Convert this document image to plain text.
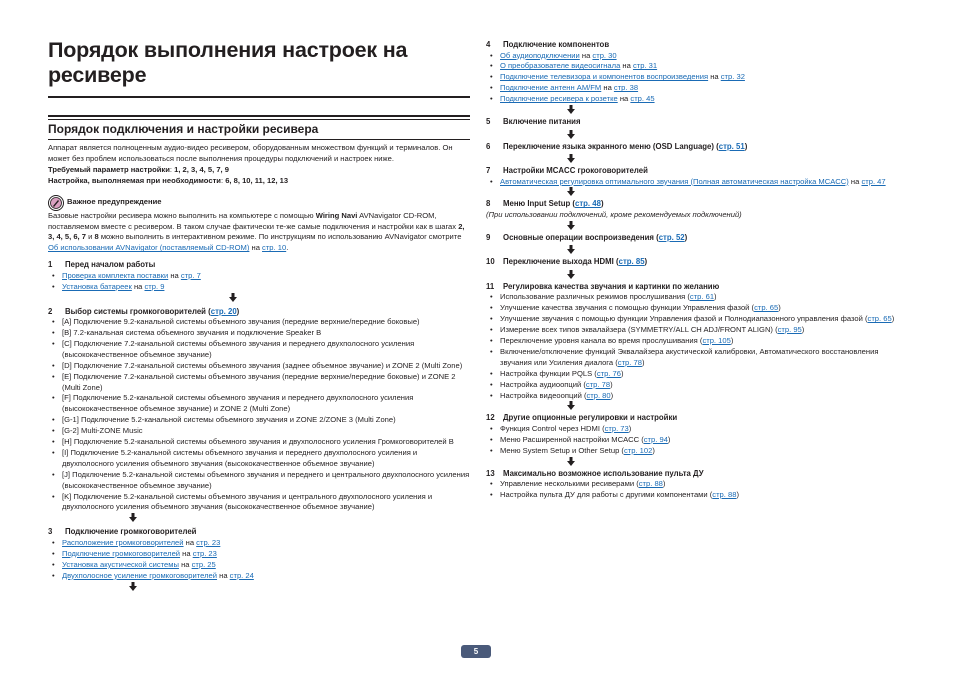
Порядок выполнения настроек на ресивере
Порядок подключения и настройки ресивера

Аппарат является полноценным аудио-видео ресивером, оборудованным множеством функций и терминалов. Он может без проблем использоваться после выполнения процедуры подключений и настроек ниже.

Требуемый параметр настройки: 1, 2, 3, 4, 5, 7, 9

Настройка, выполняемая при необходимости: 6, 8, 10, 11, 12, 13

Важное предупреждение

Базовые настройки ресивера можно выполнить на компьютере с помощью Wiring Navi AVNavigator CD-ROM, поставляемом вместе с ресивером. В таком случае фактически те-же самые подключения и настройки как в шагах 2, 3, 4, 5, 6, 7 и 8 можно выполнить в интерактивном режиме. По инструкциям по использованию AVNavigator смотрите Об использовании AVNavigator (поставляемый CD-ROM) на стр. 10.

1 Перед началом работы
• Проверка комплекта поставки на стр. 7
• Установка батареек на стр. 9
2 Выбор системы громкоговорителей (стр. 20)
• [A] Подключение 9.2-канальной системы объемного звучания (передние верхние/передние боковые)
• [B] 7.2-канальная система объемного звучания и подключение Speaker B
• [C] Подключение 7.2-канальной системы объемного звучания и переднего двухполосного усиления (высококачественное объемное звучание)
• [D] Подключение 7.2-канальной системы объемного звучания (заднее объемное звучание) и ZONE 2 (Multi Zone)
• [E] Подключение 7.2-канальной системы объемного звучания (передние верхние/передние боковые) и ZONE 2 (Multi Zone)
• [F] Подключение 5.2-канальной системы объемного звучания и переднего двухполосного усиления (высококачественное объемное звучание) и ZONE 2 (Multi Zone)
• [G-1] Подключение 5.2-канальной системы объемного звучания и ZONE 2/ZONE 3 (Multi Zone)
• [G-2] Multi-ZONE Music
• [H] Подключение 5.2-канальной системы объемного звучания и двухполосного усиления Громкоговорителей B
• [I] Подключение 5.2-канальной системы объемного звучания и переднего двухполосного усиления и двухполосного усиления объемного звучания (высококачественное объемное звучание)
• [J] Подключение 5.2-канальной системы объемного звучания и переднего и центрального двухполосного усиления (высококачественное объемное звучание)
• [K] Подключение 5.2-канальной системы объемного звучания и центрального двухполосного усиления и двухполосного усиления объемного звучания (высококачественное объемное звучание)
3 Подключение громкоговорителей
• Расположение громкоговорителей на стр. 23
• Подключение громкоговорителей на стр. 23
• Установка акустической системы на стр. 25
• Двухполосное усиление громкоговорителей на стр. 24
4 Подключение компонентов
• Об аудиоподключении на стр. 30
• О преобразователе видеосигнала на стр. 31
• Подключение телевизора и компонентов воспроизведения на стр. 32
• Подключение антенн AM/FM на стр. 38
• Подключение ресивера к розетке на стр. 45
5 Включение питания
6 Переключение языка экранного меню (OSD Language) (стр. 51)
7 Настройки MCACC грокоговорителей
• Автоматическая регулировка оптимального звучания (Полная автоматическая настройка MCACC) на стр. 47
8 Меню Input Setup (стр. 48)

(При использовании подключений, кроме рекомендуемых подключений)

9 Основные операции воспроизведения (стр. 52)
10 Переключение выхода HDMI (стр. 85)
11 Регулировка качества звучания и картинки по желанию
• Использование различных режимов прослушивания (стр. 61)
• Улучшение качества звучания с помощью функции Управления фазой (стр. 65)
• Улучшение звучания с помощью функции Управления фазой и Полнодиапазонного управления фазой (стр. 65)
• Измерение всех типов эквалайзера (SYMMETRY/ALL CH ADJ/FRONT ALIGN) (стр. 95)
• Переключение уровня канала во время прослушивания (стр. 105)
• Включение/отключение функций Эквалайзера акустической калибровки, Автоматического восстановления звучания или Усиления диалога (стр. 78)
• Настройка функции PQLS (стр. 76)
• Настройка аудиоопций (стр. 78)
• Настройка видеоопций (стр. 80)
12 Другие опционные регулировки и настройки
• Функция Control через HDMI (стр. 73)
• Меню Расширенной настройки MCACC (стр. 94)
• Меню System Setup и Other Setup (стр. 102)
13 Максимально возможное использование пульта ДУ
• Управление несколькими ресиверами (стр. 88)
• Настройка пульта ДУ для работы с другими компонентами (стр. 88)
5
